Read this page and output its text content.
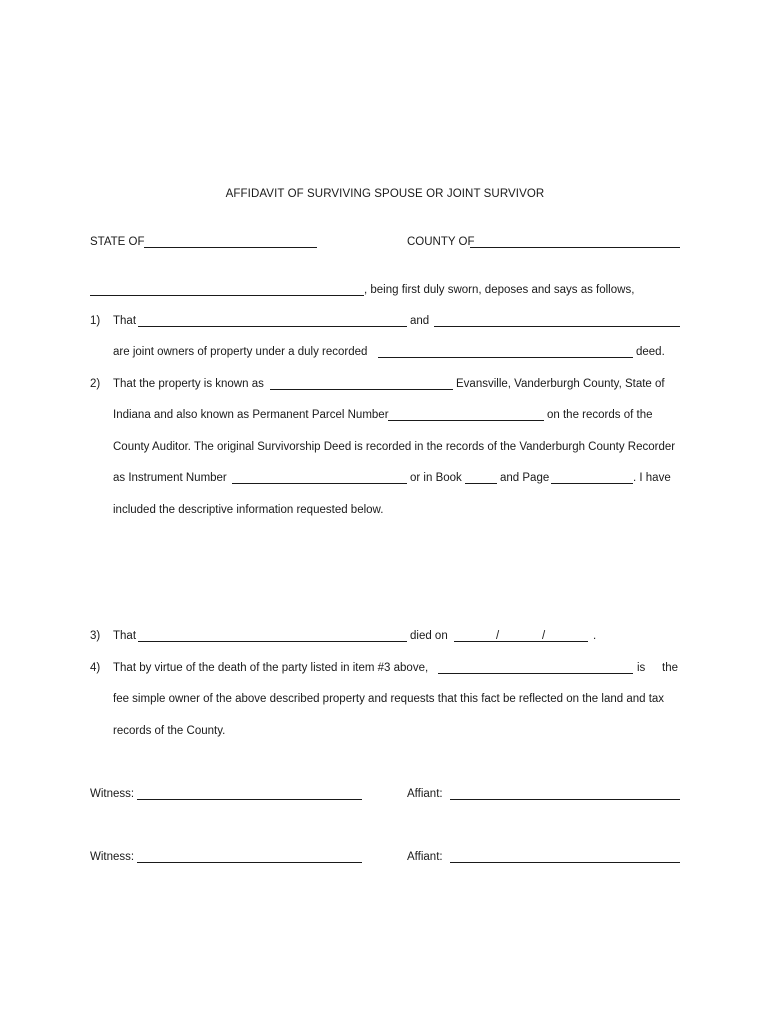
AFFIDAVIT OF SURVIVING SPOUSE OR JOINT SURVIVOR
STATE OF	COUNTY OF
, being first duly sworn, deposes and says as follows,
1) That	and
are joint owners of property under a duly recorded	deed.
2) That the property is known as	Evansville, Vanderburgh County, State of
Indiana and also known as Permanent Parcel Number	on the records of the
County Auditor. The original Survivorship Deed is recorded in the records of the Vanderburgh County Recorder
as Instrument Number	or in Book	and Page	. I have
included the descriptive information requested below.
3) That	died on	/	/	.
4) That by virtue of the death of the party listed in item #3 above,	is the
fee simple owner of the above described property and requests that this fact be reflected on the land and tax
records of the County.
Witness:	Affiant:
Witness:	Affiant:
